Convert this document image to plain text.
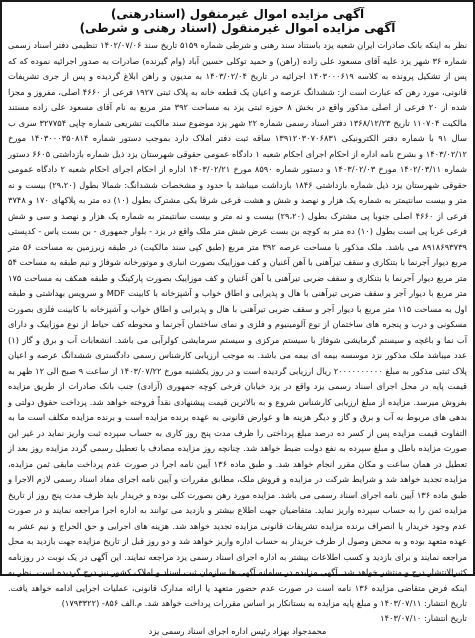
آگهی مزایده اموال غیرمنقول (اسنادرهنی)

آگهی مزایده اموال غیرمنقول (اسناد رهنی و شرطی)

نظر به اینکه بانک صادرات ایران شعبه یزد باستناد سند رهنی و شرطی شماره ۵۱۵۹ تاریخ سند ۱۴۰۲/۰۷/۰۶ تنظیمی دفتر اسناد رسمی شماره ۳۶ شهر یزد علیه آقای مسعود علی زاده (راهن) و حمید توکلی حسین آباد (وام گیرنده) صادرات به صدور اجرائیه نموده که که پس از تشکیل پرونده به کلاسه ۱۴۰۳۰۰۰۶۱۹ اجرائیه در تاریخ ۱۴۰۳/۰۲/۰۴ به مدیون و راهن ابلاغ گردیده و پس از جری تشریفات قانونی، مورد رهن که عبارت است از: ششدانگ عرصه و اعیان یک قطعه خانه به پلاک ثبتی ۱۹۲۷ فرعی از ۴۶۶۰ اصلی، مفروز و مجزا شده از ۲۰ فرعی از اصلی مذکور واقع در بخش ۸ حوزه ثبتی یزد به مساحت ۳۹۲ متر مربع به نام آقای مسعود علی زاده مستند مالکیت ۱۱۰۷۰۴ تاریخ ۱۳۶۸/۱۲/۲۳ دفتر اسناد رسمی شماره ۲۲ شهر یزد موضوع سند مالکیت تشریعی شماره چاپی ۳۲۷۷۵۴ سری ب سال ۹۱ با شماره دفتر الکترونیکی ۱۳۹۱۲۰۳۰۷۰۶۸۳۱ ساقه ثبت دفتر املاک دارد بموجب دستور شماره ۱۴۰۳۰۰۰۳۵۰۸۱۴ مورخ ۱۴۰۳/۰۲/۱۲ و بشرح نامه اداره از احکام اجرای احکام شعبه ۱ دادگاه عمومی حقوقی شهرستان یزد ذیل شماره بازداشتی ۶۶۰۵ دستور شماره ۱۴۰۲/۰۳/۱۱ مورخ ۱۴۰۳/۰۲/۰۳ و دستور شماره ۸۵۹۰ مورخ ۱۴۰۳/۰۲/۲۱ اداره از احکام اجرای احکام شعبه ۲ دادگاه عمومی حقوقی شهرستان یزد ذیل شماره بازداشتی ۱۸۴۶ بازداشت میباشد با حدود و مشخصات ششدانگ: شمالا بطول (۲۹،۲۰) بیست و نه متر و بیست سانتیمتر به شماره یک هزار و نهصد و شش و هشت فرعی شرقا یکی مشترک بطول (۱۰) ده متر به پلاکهای ۱۷۰ و ۳۷۴۸ فرعی از ۴۶۶۰ اصلی جنوبا پی مشترک بطول (۲۹،۲۰) بیست و نه متر و بیست سانتیمتر به شماره یک هزار و نهصد و سی و شش فرعی غربا پی است بطول (۱۰) ده متر به کوچه بن بست عرض شش متر ملک واقع در یزد - بلوار جمهوری - بن بست یاس - کدپستی ۸۹۱۸۶۹۳۷۳۹ می باشد. ملک مذکور با مساحت عرصه ۳۹۲ متر مربع (طبق کپی سند مالکیت) در طبقه زیرزمین به مساحت ۵۶ متر مربع دیوار آجرنما با بتنکاری و سقف تیرآهنی با آهن آغنیان و کف موزاییک بصورت انباری و موتورخانه شوفاژ و نیم طبقه به مساحت ۵۴ متر مربع دیوار آجرنما با بتنکاری و سقف ضربی تیرآهنی با آهن آغنیان و کف موزاییک بصورت پارکینگ و طبقه همکف به مساحت ۱۷۵ متر مربع با دیوار آجر و سقف ضربی تیرآهنی با هال و پذیرایی و اطاق خواب و آشپزخانه با کابینت MDF و سرویس بهداشتی و طبقه اول به مساحت ۱۱۵ متر مربع با دیوار آجر و سقف ضربی تیرآهنی با هال و پذیرایی و اطاق خواب و آشپزخانه با کابینت فلزی بصورت مسکونی و درب و پنجره های ساختمان از نوع آلومینیوم و فلزی و نمای ساختمان آجرنما و محوطه کف حیاط از نوع موزاییک و دارای آب نما و باغچه و سیستم گرمایشی شوفاژ با سیستم مرکزی و سیستم سرمایشی کولرآبی می باشد. انشعابات آب و برق و گاز (۱) عدد میباشد ملک مذکور نزد موسسه بیمه ای بیمه می باشد. به موجب ارزیابی کارشناس رسمی دادگستری ششدانگ عرصه و اعیان پلاک ثبتی مذکور به مبلغ ۲۰۰۰۰۰۰۰۰۰۰ ریال ارزیابی گردیده است و در روز یکشنبه مورخ ۱۴۰۳/۰۷/۲۲ از ساعت ۹ صبح الی ۱۲ ظهر به قیمت پایه در محل اجرای اسناد رسمی یزد واقع در یزد خیابان فرخی کوچه جمهوری (آزادی) جنب بانک صادرات از طریق مزایده بفروش میرسد. مزایده از مبلغ ارزیابی کارشناس شروع و به بالاترین قیمت پیشنهادی نقداً فروخته خواهد شد. پرداخت حقوق دولتی و بدهی های مربوط به آب و برق و گاز و دیگر هزینه ها و عوارض قانونی به عهده برنده مزایده است و برنده مزایده مکلف است ما به التفاوت قیمت مزایده پس از کسر ده درصد مبلغ پرداختی را ظرف مدت پنج روز کاری به حساب سپرده ثبت واریز نماید در غیر این صورت مزایده باطل و مبلغ سپرده به نفع دولت ضبط خواهد شد. چنانچه روز مزایده مصادف با تعطیل رسمی گردد مزایده روز بعد از تعطیل در همان ساعت و مکان مقرر انجام خواهد شد. و طبق ماده ۱۳۶ آیین نامه اجرا در صورت عدم پرداخت مابقی ثمن مزایده، مزایده تجدید خواهد شد و شرایط شرکت در مزایده و فروش ملک، مطابق مقررات و آیین نامه اجرای مفاد اسناد رسمی لازم الاجرا و طبق ماده ۱۳۶ آیین نامه اجرای اسناد رسمی می باشد. مزایده مورد رهن بصورت کلی بوده و خریدار باید ظرف مدت پنج روز از تاریخ مزایده ثمن را به حساب سپرده واریز نماید. متقاضیان جهت اطلاع بیشتر و بازدید می توانند به اداره اجرا مراجعه نمایند و در صورت عدم وجود خریدار یا انصراف برنده مزایده تشریفات قانونی مزایده تجدید خواهد شد. هزینه های اجرایی و حق الحراج و نیم عشر به عهده متعهد بوده و به محض وصول از طرف خریدار به حساب اداره واریز خواهد شد و دو روز قبل از تاریخ مزایده جهت بازدید به محل مراجعه نمایند و برای بازدید و کسب اطلاعات بیشتر به اداره اجرای اسناد رسمی یزد مراجعه نمایند. این آگهی در یک نوبت در روزنامه کثیرالانتشار درج و منتشر خواهد شد. آگهی مزایده در سامانه آگهی ها سازمان ثبت اسناد و املاک کشور نیز درج گردیده است. نظر به اینکه فرض متقاضی مزایده ۱۳۶ نامه است در صورت عدم حضور متعهد یا ارائه مدارک قانونی، عملیات اجرایی ادامه خواهد یافت. تاریخ انتشار: ۱۴۰۳/۰۷/۱۱ و مبلغ پایه مزایده به بستانکار بر اساس مقررات پرداخت خواهد شد. م.الف ۸۵۶- (۱۷۹۳۳۲۲)

تاریخ انتشار: ۱۴۰۳/۰۷/۱۰

محمدجواد بهزاد رئیس اداره اجرای اسناد رسمی یزد
